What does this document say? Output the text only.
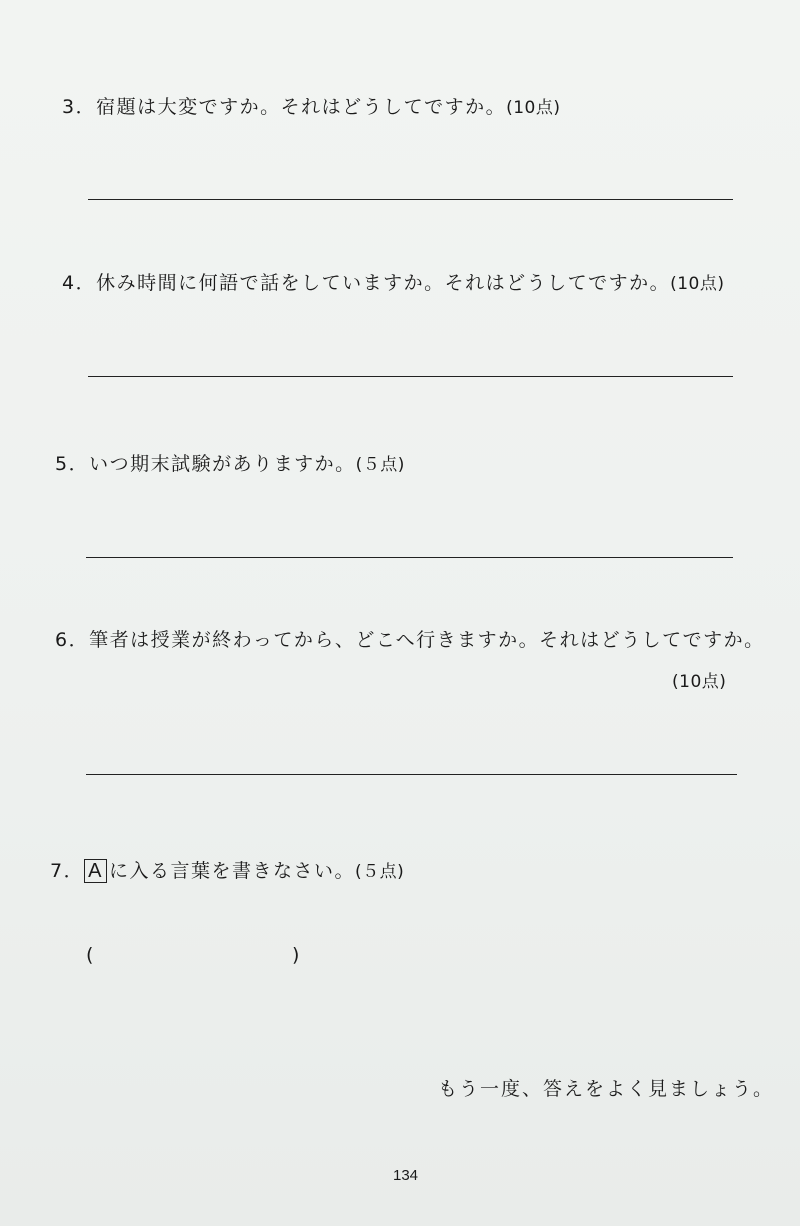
3．宿題は大変ですか。それはどうしてですか。(10点)
4．休み時間に何語で話をしていますか。それはどうしてですか。(10点)
5．いつ期末試験がありますか。(５点)
6．筆者は授業が終わってから、どこへ行きますか。それはどうしてですか。
(10点)
7． A に入る言葉を書きなさい。(５点)
(	)
もう一度、答えをよく見ましょう。
134
